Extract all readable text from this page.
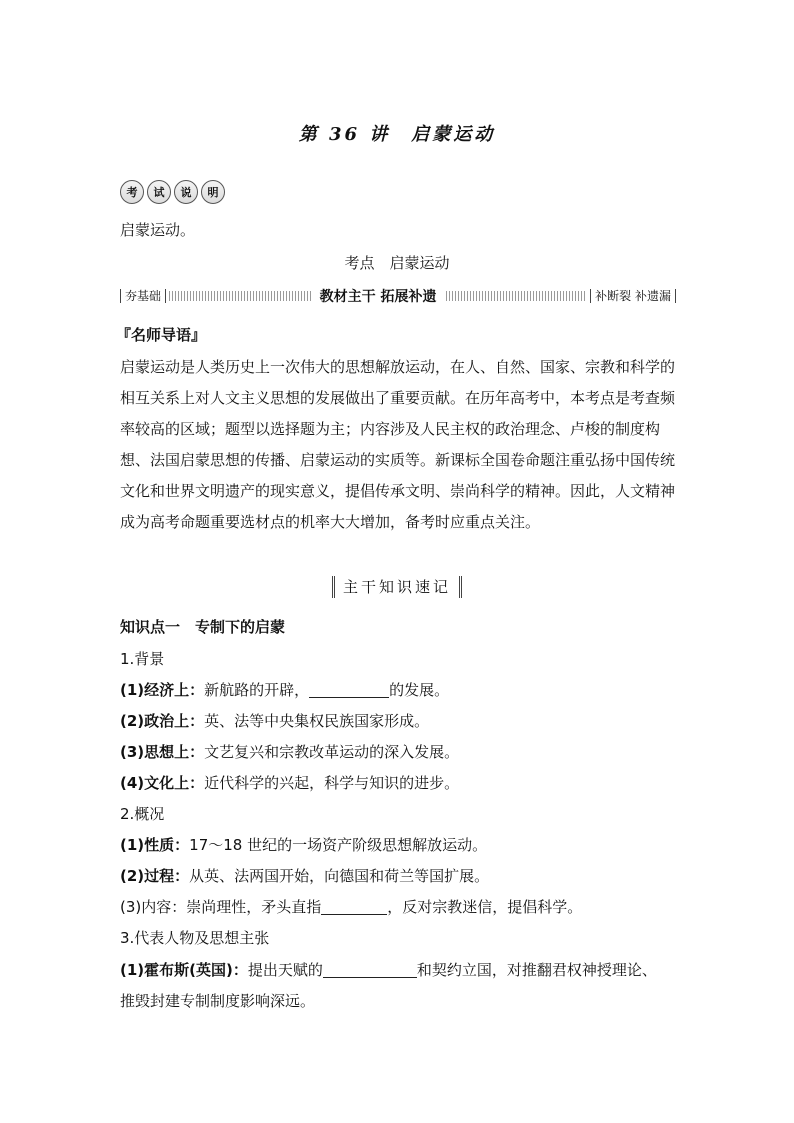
第 36 讲　启蒙运动
考	试	说	明
启蒙运动。
考点　启蒙运动
夯基础	教材主干 拓展补遗	补断裂 补遗漏
『名师导语』
启蒙运动是人类历史上一次伟大的思想解放运动，在人、自然、国家、宗教和科学的相互关系上对人文主义思想的发展做出了重要贡献。在历年高考中，本考点是考查频率较高的区域；题型以选择题为主；内容涉及人民主权的政治理念、卢梭的制度构想、法国启蒙思想的传播、启蒙运动的实质等。新课标全国卷命题注重弘扬中国传统文化和世界文明遗产的现实意义，提倡传承文明、崇尚科学的精神。因此，人文精神成为高考命题重要选材点的机率大大增加，备考时应重点关注。
主干知识速记
知识点一　专制下的启蒙
1.背景
(1)经济上：新航路的开辟，	的发展。
(2)政治上：英、法等中央集权民族国家形成。
(3)思想上：文艺复兴和宗教改革运动的深入发展。
(4)文化上：近代科学的兴起，科学与知识的进步。
2.概况
(1)性质：17～18 世纪的一场资产阶级思想解放运动。
(2)过程：从英、法两国开始，向德国和荷兰等国扩展。
(3)内容：崇尚理性，矛头直指	，反对宗教迷信，提倡科学。
3.代表人物及思想主张
(1)霍布斯(英国)：提出天赋的	和契约立国，对推翻君权神授理论、
推毁封建专制制度影响深远。
